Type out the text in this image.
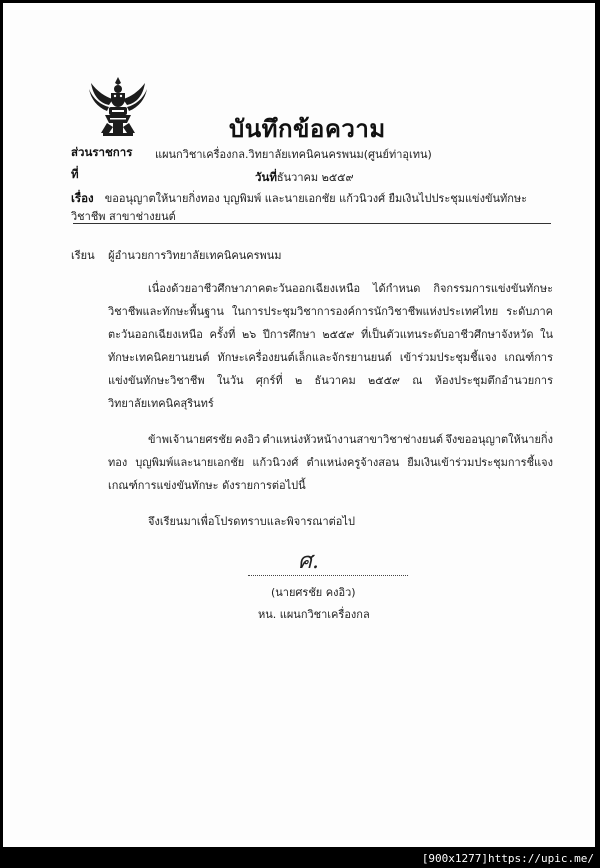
บันทึกข้อความ
ส่วนราชการ แผนกวิชาเครื่องกล.วิทยาลัยเทคนิคนครพนม(ศูนย์ท่าอุเทน)
ที่	วันที่ธันวาคม ๒๕๕๙
เรื่อง ขออนุญาตให้นายกิ่งทอง บุญพิมพ์ และนายเอกชัย แก้วนิวงศ์ ยืมเงินไปประชุมแข่งขันทักษะ
วิชาชีพ สาขาช่างยนต์
เรียน ผู้อำนวยการวิทยาลัยเทคนิคนครพนม
เนื่องด้วยอาชีวศึกษาภาคตะวันออกเฉียงเหนือ ได้กำหนด กิจกรรมการแข่งขันทักษะ
วิชาชีพและทักษะพื้นฐาน ในการประชุมวิชาการองค์การนักวิชาชีพแห่งประเทศไทย ระดับภาค
ตะวันออกเฉียงเหนือ ครั้งที่ ๒๖ ปีการศึกษา ๒๕๕๙ ที่เป็นตัวแทนระดับอาชีวศึกษาจังหวัด ใน
ทักษะเทคนิคยานยนต์ ทักษะเครื่องยนต์เล็กและจักรยานยนต์ เข้าร่วมประชุมชี้แจง เกณฑ์การ
แข่งขันทักษะวิชาชีพ ในวัน ศุกร์ที่ ๒ ธันวาคม ๒๕๕๙ ณ ห้องประชุมตึกอำนวยการ
วิทยาลัยเทคนิคสุรินทร์
ข้าพเจ้านายศรชัย คงอิว ตำแหน่งหัวหน้างานสาขาวิชาช่างยนต์ จึงขออนุญาตให้นายกิ่ง
ทอง บุญพิมพ์และนายเอกชัย แก้วนิวงศ์ ตำแหน่งครูจ้างสอน ยืมเงินเข้าร่วมประชุมการชี้แจง
เกณฑ์การแข่งขันทักษะ ดังรายการต่อไปนี้
จึงเรียนมาเพื่อโปรดทราบและพิจารณาต่อไป
ศ.
(นายศรชัย คงอิว)
หน. แผนกวิชาเครื่องกล
[900x1277]https://upic.me/
